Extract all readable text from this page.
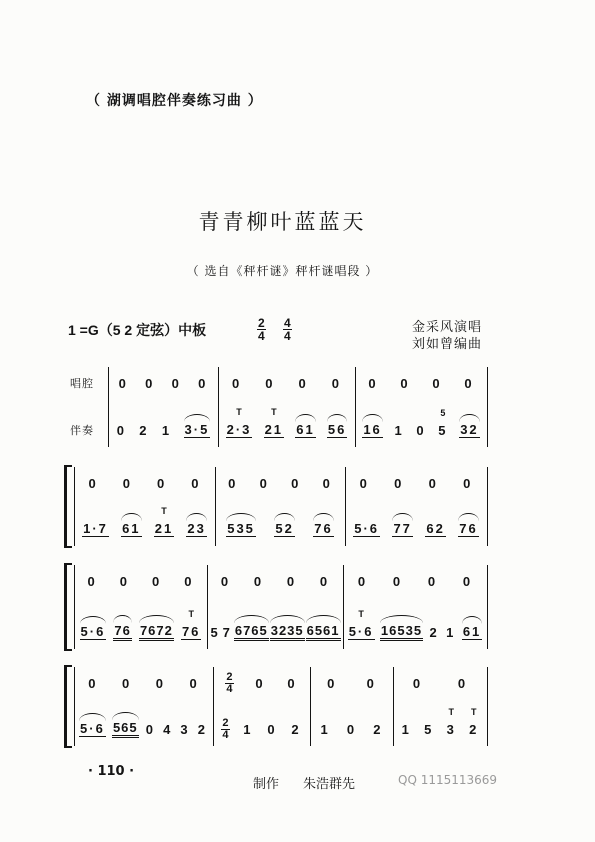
（ 湖调唱腔伴奏练习曲 ）
青青柳叶蓝蓝天
（ 选自《秤杆谜》秤杆谜唱段 ）
1 =G（5 2 定弦）中板	$\frac{2}{4} \frac{4}{4}$	金采风演唱
刘如曾编曲
唱腔
伴奏
0 0 0 0
0 2 1 3·5
0 0 0 0
2·3
T
21
T
61 56
0 0 0 0
16 1 0 5
5
32
0 0 0 0
1·7 61 21
T
23
0 0 0 0
535 52 76
0 0 0 0
5·6 77 62 76
0 0 0 0
5·6 76 7672 76
T
0 0 0 0
5 7 6765 3235 6561
0 0 0 0
5·6
T
16535 2 1 61
0 0 0 0
5·6 565 0 4 3 2
$\frac{2}{4} 0$ 0
$\frac{2}{4} 1$ 0 2
0 0
1 0 2
0	0
1 5 3
T
2
T
· 110 ·
制作 朱浩群先	QQ 1115113669
